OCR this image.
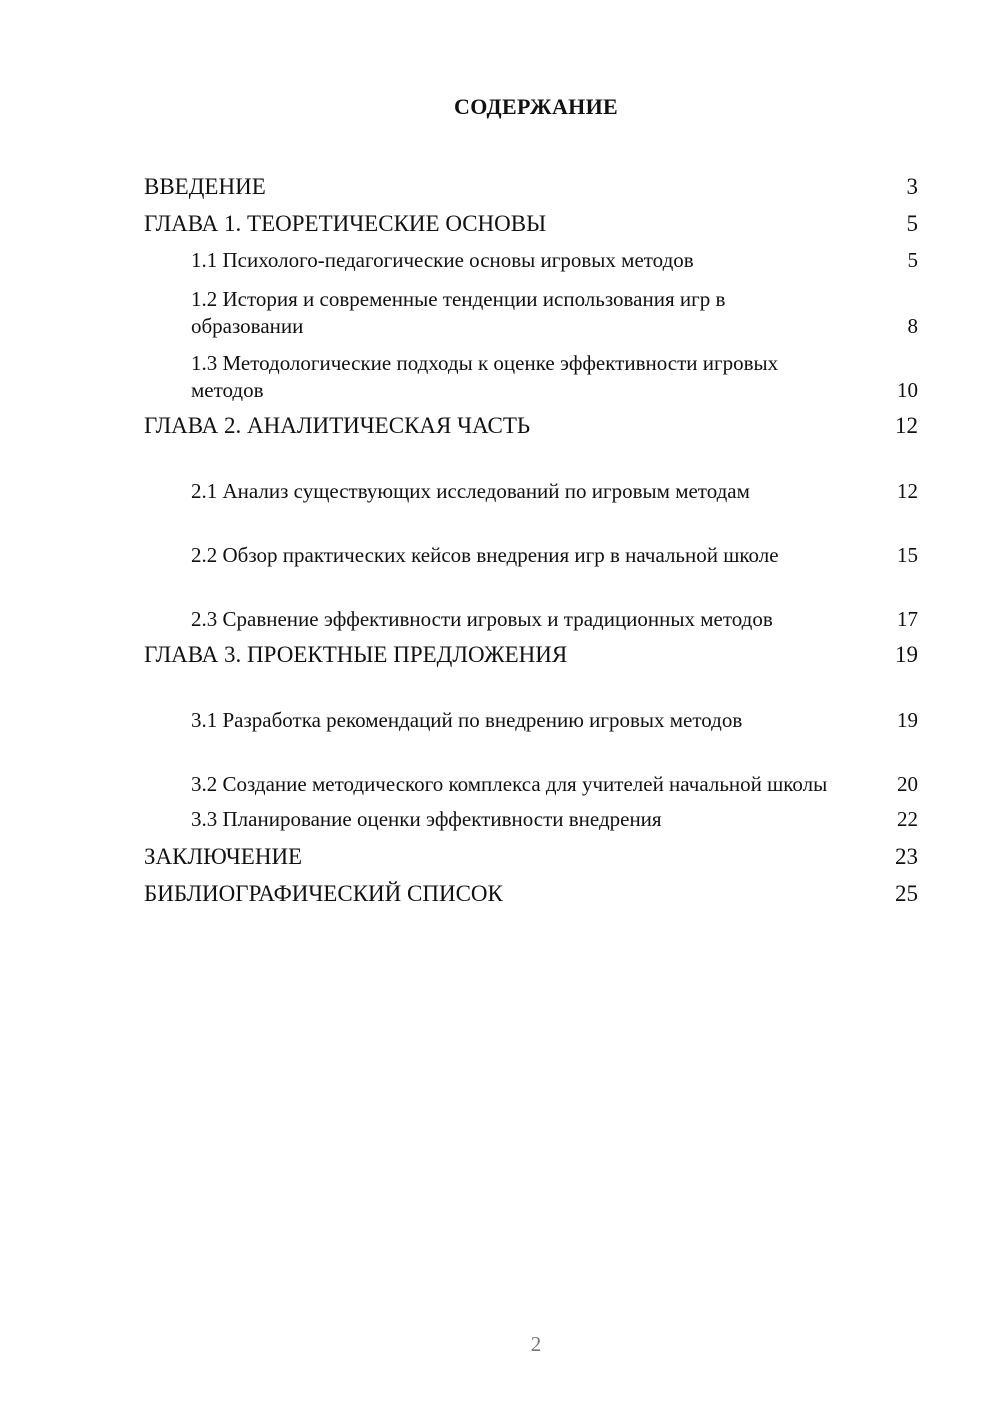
СОДЕРЖАНИЕ
ВВЕДЕНИЕ	3
ГЛАВА 1. ТЕОРЕТИЧЕСКИЕ ОСНОВЫ	5
1.1 Психолого-педагогические основы игровых методов	5
1.2 История и современные тенденции использования игр в образовании	8
1.3 Методологические подходы к оценке эффективности игровых методов	10
ГЛАВА 2. АНАЛИТИЧЕСКАЯ ЧАСТЬ	12
2.1 Анализ существующих исследований по игровым методам	12
2.2 Обзор практических кейсов внедрения игр в начальной школе	15
2.3 Сравнение эффективности игровых и традиционных методов	17
ГЛАВА 3. ПРОЕКТНЫЕ ПРЕДЛОЖЕНИЯ	19
3.1 Разработка рекомендаций по внедрению игровых методов	19
3.2 Создание методического комплекса для учителей начальной школы	20
3.3 Планирование оценки эффективности внедрения	22
ЗАКЛЮЧЕНИЕ	23
БИБЛИОГРАФИЧЕСКИЙ СПИСОК	25
2
